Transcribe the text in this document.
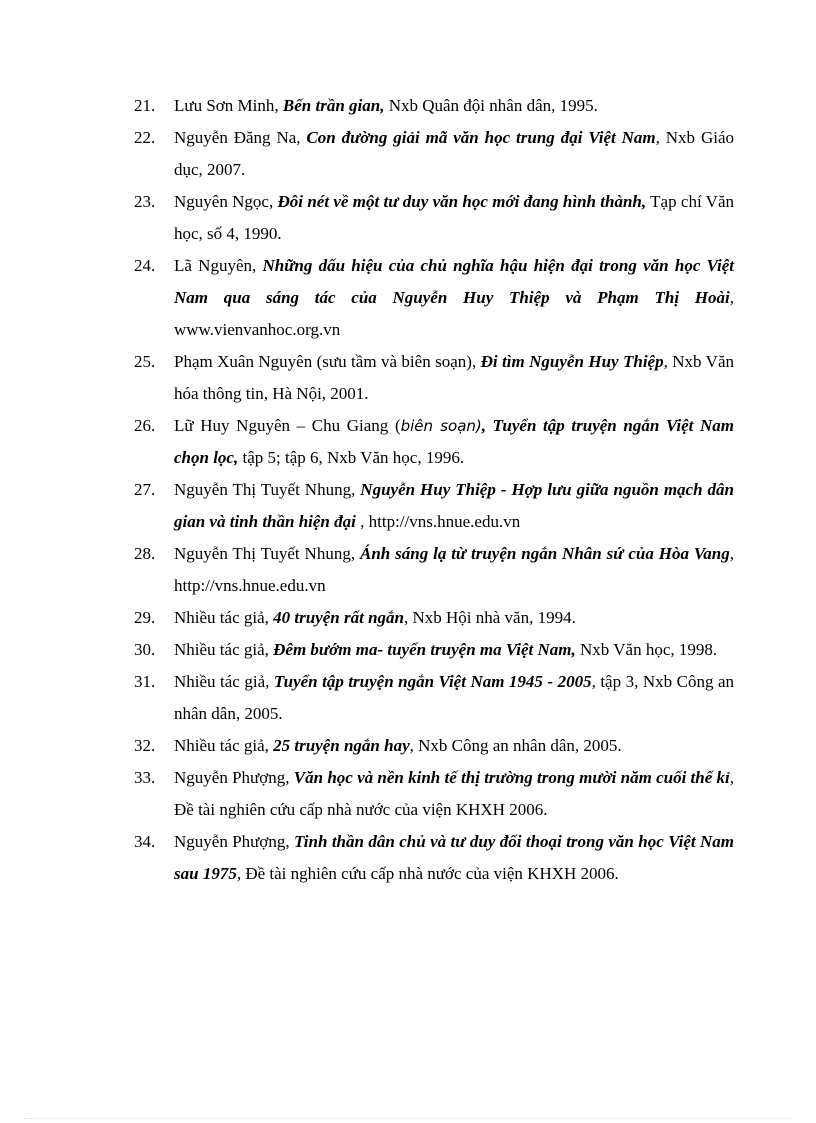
21. Lưu Sơn Minh, Bến trần gian, Nxb Quân đội nhân dân, 1995.
22. Nguyễn Đăng Na, Con đường giải mã văn học trung đại Việt Nam, Nxb Giáo dục, 2007.
23. Nguyên Ngọc, Đôi nét về một tư duy văn học mới đang hình thành, Tạp chí Văn học, số 4, 1990.
24. Lã Nguyên, Những dấu hiệu của chủ nghĩa hậu hiện đại trong văn học Việt Nam qua sáng tác của Nguyễn Huy Thiệp và Phạm Thị Hoài, www.vienvanhoc.org.vn
25. Phạm Xuân Nguyên (sưu tầm và biên soạn), Đi tìm Nguyễn Huy Thiệp, Nxb Văn hóa thông tin, Hà Nội, 2001.
26. Lữ Huy Nguyên – Chu Giang (biên soạn), Tuyển tập truyện ngắn Việt Nam chọn lọc, tập 5; tập 6, Nxb Văn học, 1996.
27. Nguyễn Thị Tuyết Nhung, Nguyễn Huy Thiệp - Hợp lưu giữa nguồn mạch dân gian và tinh thần hiện đại , http://vns.hnue.edu.vn
28. Nguyễn Thị Tuyết Nhung, Ánh sáng lạ từ truyện ngắn Nhân sứ của Hòa Vang, http://vns.hnue.edu.vn
29. Nhiều tác giả, 40 truyện rất ngắn, Nxb Hội nhà văn, 1994.
30. Nhiều tác giả, Đêm bướm ma- tuyển truyện ma Việt Nam, Nxb Văn học, 1998.
31. Nhiều tác giả, Tuyển tập truyện ngắn Việt Nam 1945 - 2005, tập 3, Nxb Công an nhân dân, 2005.
32. Nhiều tác giả, 25 truyện ngắn hay, Nxb Công an nhân dân, 2005.
33. Nguyễn Phượng, Văn học và nền kinh tế thị trường trong mười năm cuối thế kỉ, Đề tài nghiên cứu cấp nhà nước của viện KHXH 2006.
34. Nguyễn Phượng, Tinh thần dân chủ và tư duy đối thoại trong văn học Việt Nam sau 1975, Đề tài nghiên cứu cấp nhà nước của viện KHXH 2006.
